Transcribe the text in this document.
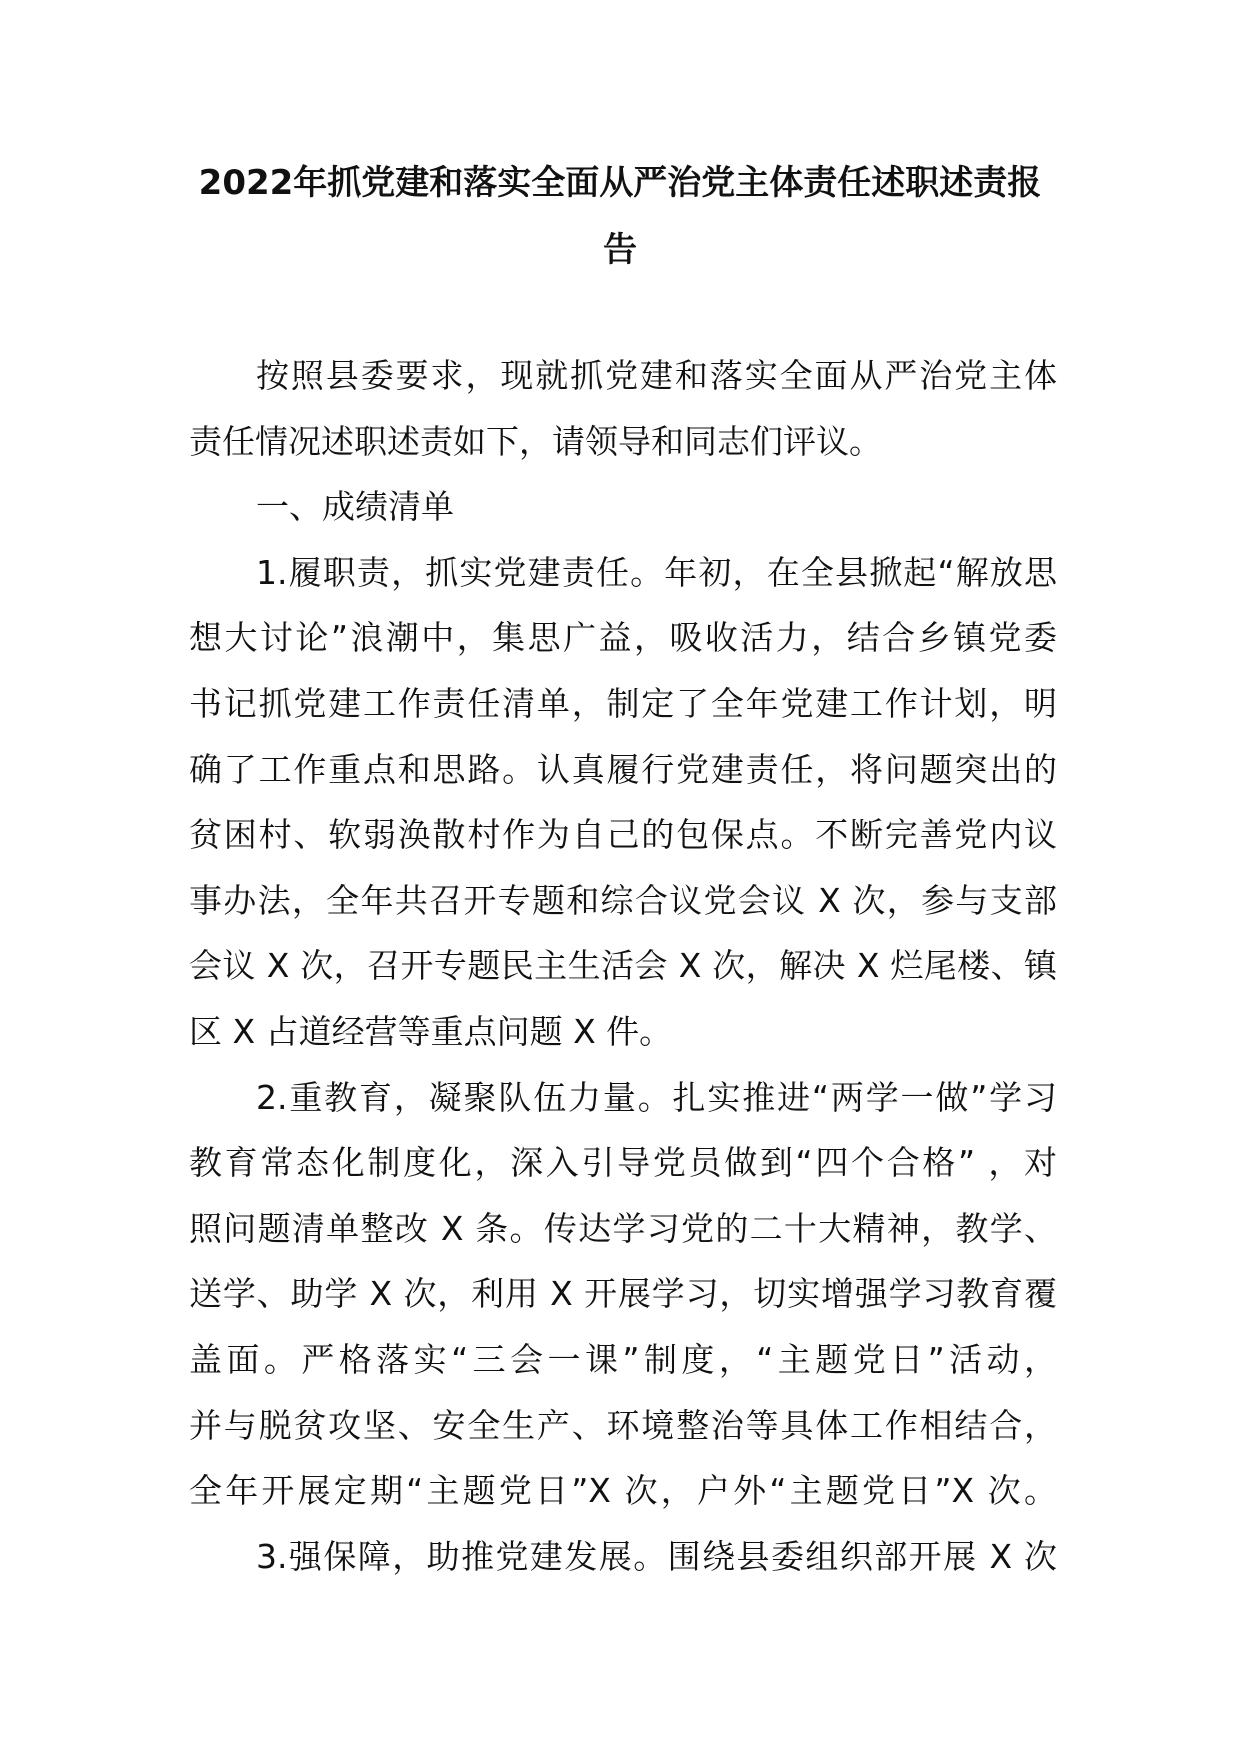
2022年抓党建和落实全面从严治党主体责任述职述责报
告
按照县委要求，现就抓党建和落实全面从严治党主体
责任情况述职述责如下，请领导和同志们评议。
一、成绩清单
1.履职责，抓实党建责任。年初，在全县掀起“解放思
想大讨论”浪潮中，集思广益，吸收活力，结合乡镇党委
书记抓党建工作责任清单，制定了全年党建工作计划，明
确了工作重点和思路。认真履行党建责任，将问题突出的
贫困村、软弱涣散村作为自己的包保点。不断完善党内议
事办法，全年共召开专题和综合议党会议 X 次，参与支部
会议 X 次，召开专题民主生活会 X 次，解决 X 烂尾楼、镇
区 X 占道经营等重点问题 X 件。
2.重教育，凝聚队伍力量。扎实推进“两学一做”学习
教育常态化制度化，深入引导党员做到“四个合格” ，对
照问题清单整改 X 条。传达学习党的二十大精神，教学、
送学、助学 X 次，利用 X 开展学习，切实增强学习教育覆
盖面。严格落实“三会一课”制度，“主题党日”活动，
并与脱贫攻坚、安全生产、环境整治等具体工作相结合，
全年开展定期“主题党日”X 次，户外“主题党日”X 次。
3.强保障，助推党建发展。围绕县委组织部开展 X 次
